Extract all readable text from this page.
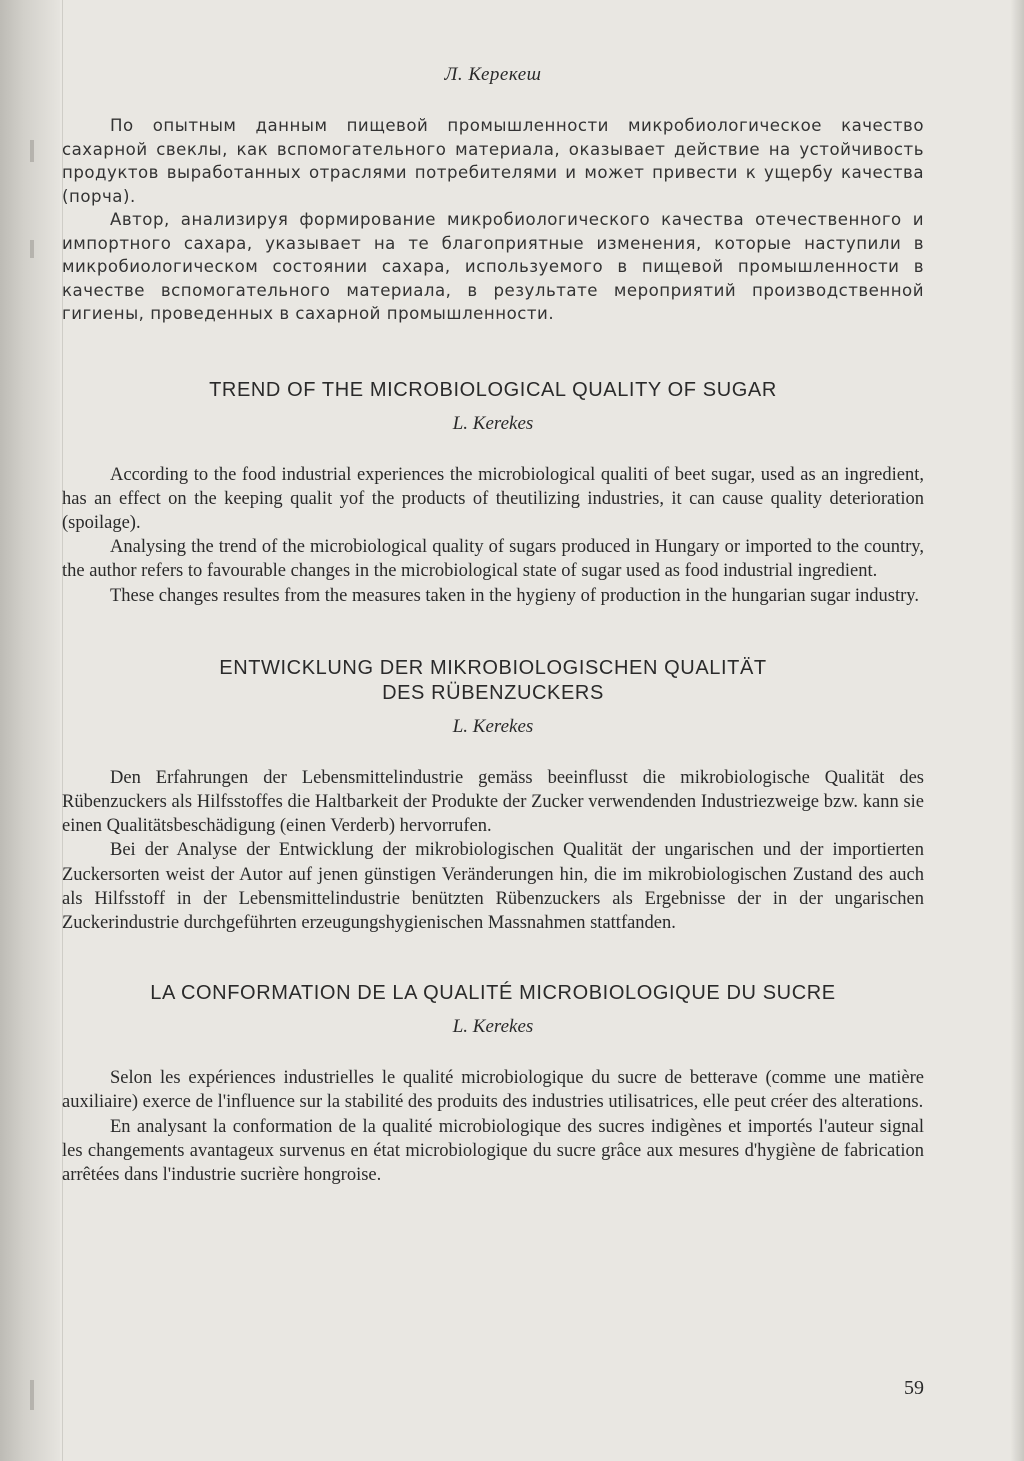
Л. Керекеш

По опытным данным пищевой промышленности микробиологическое качество сахарной свеклы, как вспомогательного материала, оказывает действие на устойчивость продуктов выработанных отраслями потребителями и может привести к ущербу качества (порча).

Автор, анализируя формирование микробиологического качества отечественного и импортного сахара, указывает на те благоприятные изменения, которые наступили в микробиологическом состоянии сахара, используемого в пищевой промышленности в качестве вспомогательного материала, в результате мероприятий производственной гигиены, проведенных в сахарной промышленности.

TREND OF THE MICROBIOLOGICAL QUALITY OF SUGAR
L. Kerekes

According to the food industrial experiences the microbiological qualiti of beet sugar, used as an ingredient, has an effect on the keeping qualit yof the products of theutilizing industries, it can cause quality deterioration (spoilage).

Analysing the trend of the microbiological quality of sugars produced in Hungary or imported to the country, the author refers to favourable changes in the microbiological state of sugar used as food industrial ingredient.

These changes resultes from the measures taken in the hygieny of production in the hungarian sugar industry.

ENTWICKLUNG DER MIKROBIOLOGISCHEN QUALITÄT
DES RÜBENZUCKERS
L. Kerekes

Den Erfahrungen der Lebensmittelindustrie gemäss beeinflusst die mikrobiologische Qualität des Rübenzuckers als Hilfsstoffes die Haltbarkeit der Produkte der Zucker verwendenden Industriezweige bzw. kann sie einen Qualitätsbeschädigung (einen Verderb) hervorrufen.

Bei der Analyse der Entwicklung der mikrobiologischen Qualität der ungarischen und der importierten Zuckersorten weist der Autor auf jenen günstigen Veränderungen hin, die im mikrobiologischen Zustand des auch als Hilfsstoff in der Lebensmittelindustrie benützten Rübenzuckers als Ergebnisse der in der ungarischen Zuckerindustrie durchgeführten erzeugungshygienischen Massnahmen stattfanden.

LA CONFORMATION DE LA QUALITÉ MICROBIOLOGIQUE DU SUCRE
L. Kerekes

Selon les expériences industrielles le qualité microbiologique du sucre de betterave (comme une matière auxiliaire) exerce de l'influence sur la stabilité des produits des industries utilisatrices, elle peut créer des alterations.

En analysant la conformation de la qualité microbiologique des sucres indigènes et importés l'auteur signal les changements avantageux survenus en état microbiologique du sucre grâce aux mesures d'hygiène de fabrication arrêtées dans l'industrie sucrière hongroise.

59
